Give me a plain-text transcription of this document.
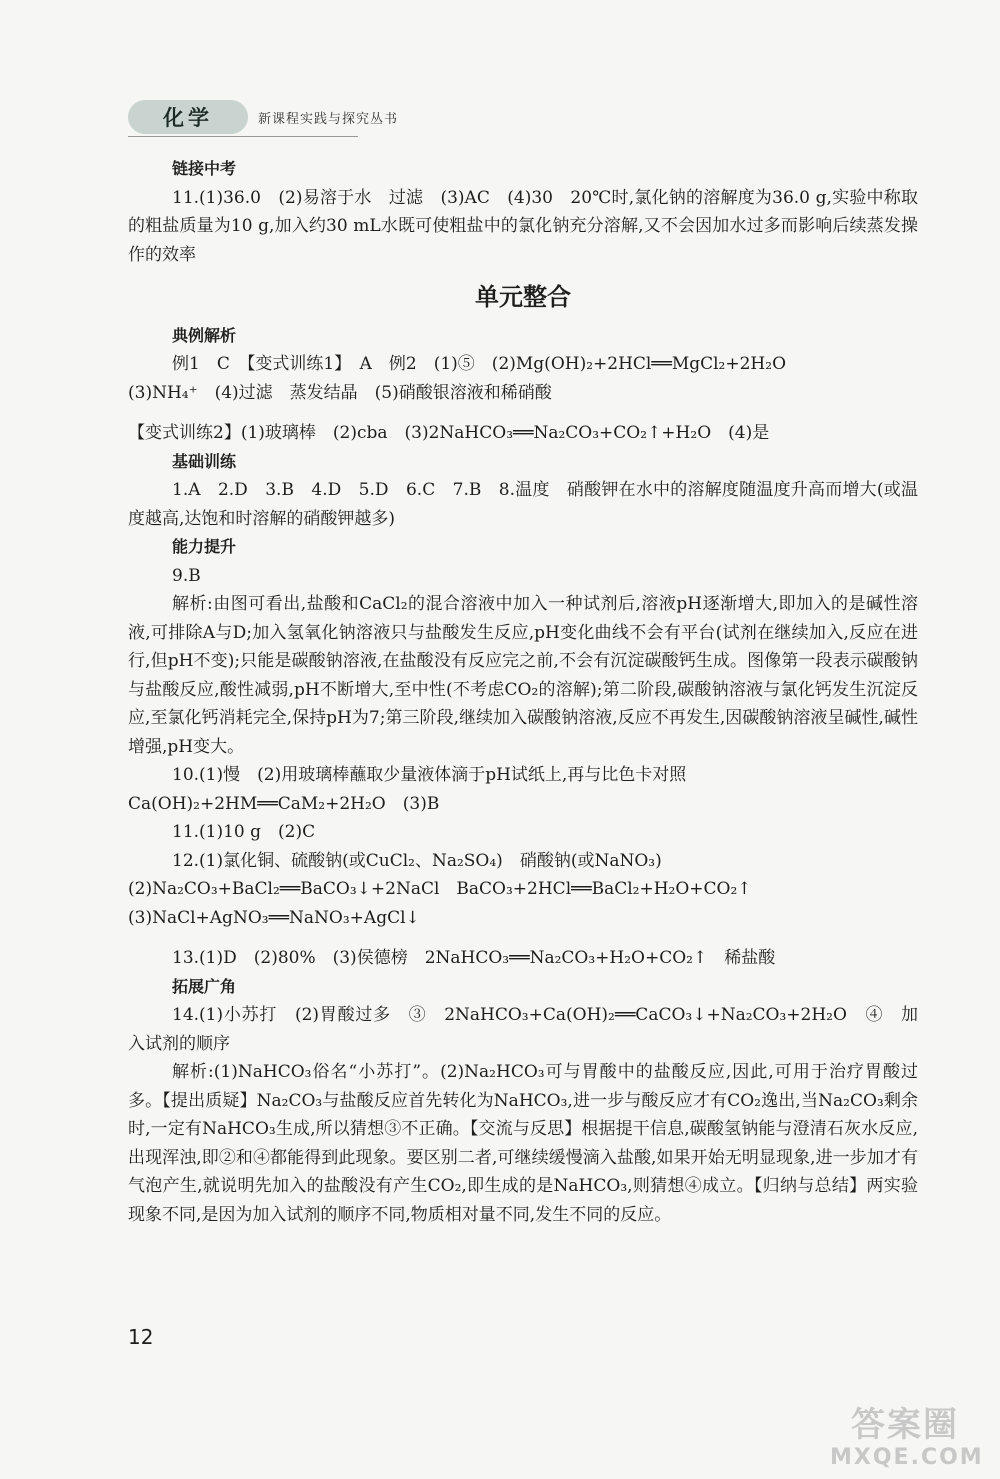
化学	新课程实践与探究丛书

链接中考

11.(1)36.0　(2)易溶于水　过滤　(3)AC　(4)30　20℃时,氯化钠的溶解度为36.0 g,实验中称取的粗盐质量为10 g,加入约30 mL水既可使粗盐中的氯化钠充分溶解,又不会因加水过多而影响后续蒸发操作的效率

单元整合

典例解析

例1　C　【变式训练1】　A　例2　(1)⑤　(2)Mg(OH)₂+2HCl══MgCl₂+2H₂O

(3)NH₄⁺　(4)过滤　蒸发结晶　(5)硝酸银溶液和稀硝酸

【变式训练2】(1)玻璃棒　(2)cba　(3)2NaHCO₃══Na₂CO₃+CO₂↑+H₂O　(4)是

基础训练

1.A　2.D　3.B　4.D　5.D　6.C　7.B　8.温度　硝酸钾在水中的溶解度随温度升高而增大(或温度越高,达饱和时溶解的硝酸钾越多)

能力提升

9.B

解析:由图可看出,盐酸和CaCl₂的混合溶液中加入一种试剂后,溶液pH逐渐增大,即加入的是碱性溶液,可排除A与D;加入氢氧化钠溶液只与盐酸发生反应,pH变化曲线不会有平台(试剂在继续加入,反应在进行,但pH不变);只能是碳酸钠溶液,在盐酸没有反应完之前,不会有沉淀碳酸钙生成。图像第一段表示碳酸钠与盐酸反应,酸性减弱,pH不断增大,至中性(不考虑CO₂的溶解);第二阶段,碳酸钠溶液与氯化钙发生沉淀反应,至氯化钙消耗完全,保持pH为7;第三阶段,继续加入碳酸钠溶液,反应不再发生,因碳酸钠溶液呈碱性,碱性增强,pH变大。

10.(1)慢　(2)用玻璃棒蘸取少量液体滴于pH试纸上,再与比色卡对照

Ca(OH)₂+2HM══CaM₂+2H₂O　(3)B

11.(1)10 g　(2)C

12.(1)氯化铜、硫酸钠(或CuCl₂、Na₂SO₄)　硝酸钠(或NaNO₃)

(2)Na₂CO₃+BaCl₂══BaCO₃↓+2NaCl　BaCO₃+2HCl══BaCl₂+H₂O+CO₂↑

(3)NaCl+AgNO₃══NaNO₃+AgCl↓

13.(1)D　(2)80%　(3)侯德榜　2NaHCO₃══Na₂CO₃+H₂O+CO₂↑　稀盐酸

拓展广角

14.(1)小苏打　(2)胃酸过多　③　2NaHCO₃+Ca(OH)₂══CaCO₃↓+Na₂CO₃+2H₂O　④　加入试剂的顺序

解析:(1)NaHCO₃俗名“小苏打”。(2)Na₂HCO₃可与胃酸中的盐酸反应,因此,可用于治疗胃酸过多。【提出质疑】Na₂CO₃与盐酸反应首先转化为NaHCO₃,进一步与酸反应才有CO₂逸出,当Na₂CO₃剩余时,一定有NaHCO₃生成,所以猜想③不正确。【交流与反思】根据提干信息,碳酸氢钠能与澄清石灰水反应,出现浑浊,即②和④都能得到此现象。要区别二者,可继续缓慢滴入盐酸,如果开始无明显现象,进一步加才有气泡产生,就说明先加入的盐酸没有产生CO₂,即生成的是NaHCO₃,则猜想④成立。【归纳与总结】两实验现象不同,是因为加入试剂的顺序不同,物质相对量不同,发生不同的反应。

12
答案圈
MXQE.COM
